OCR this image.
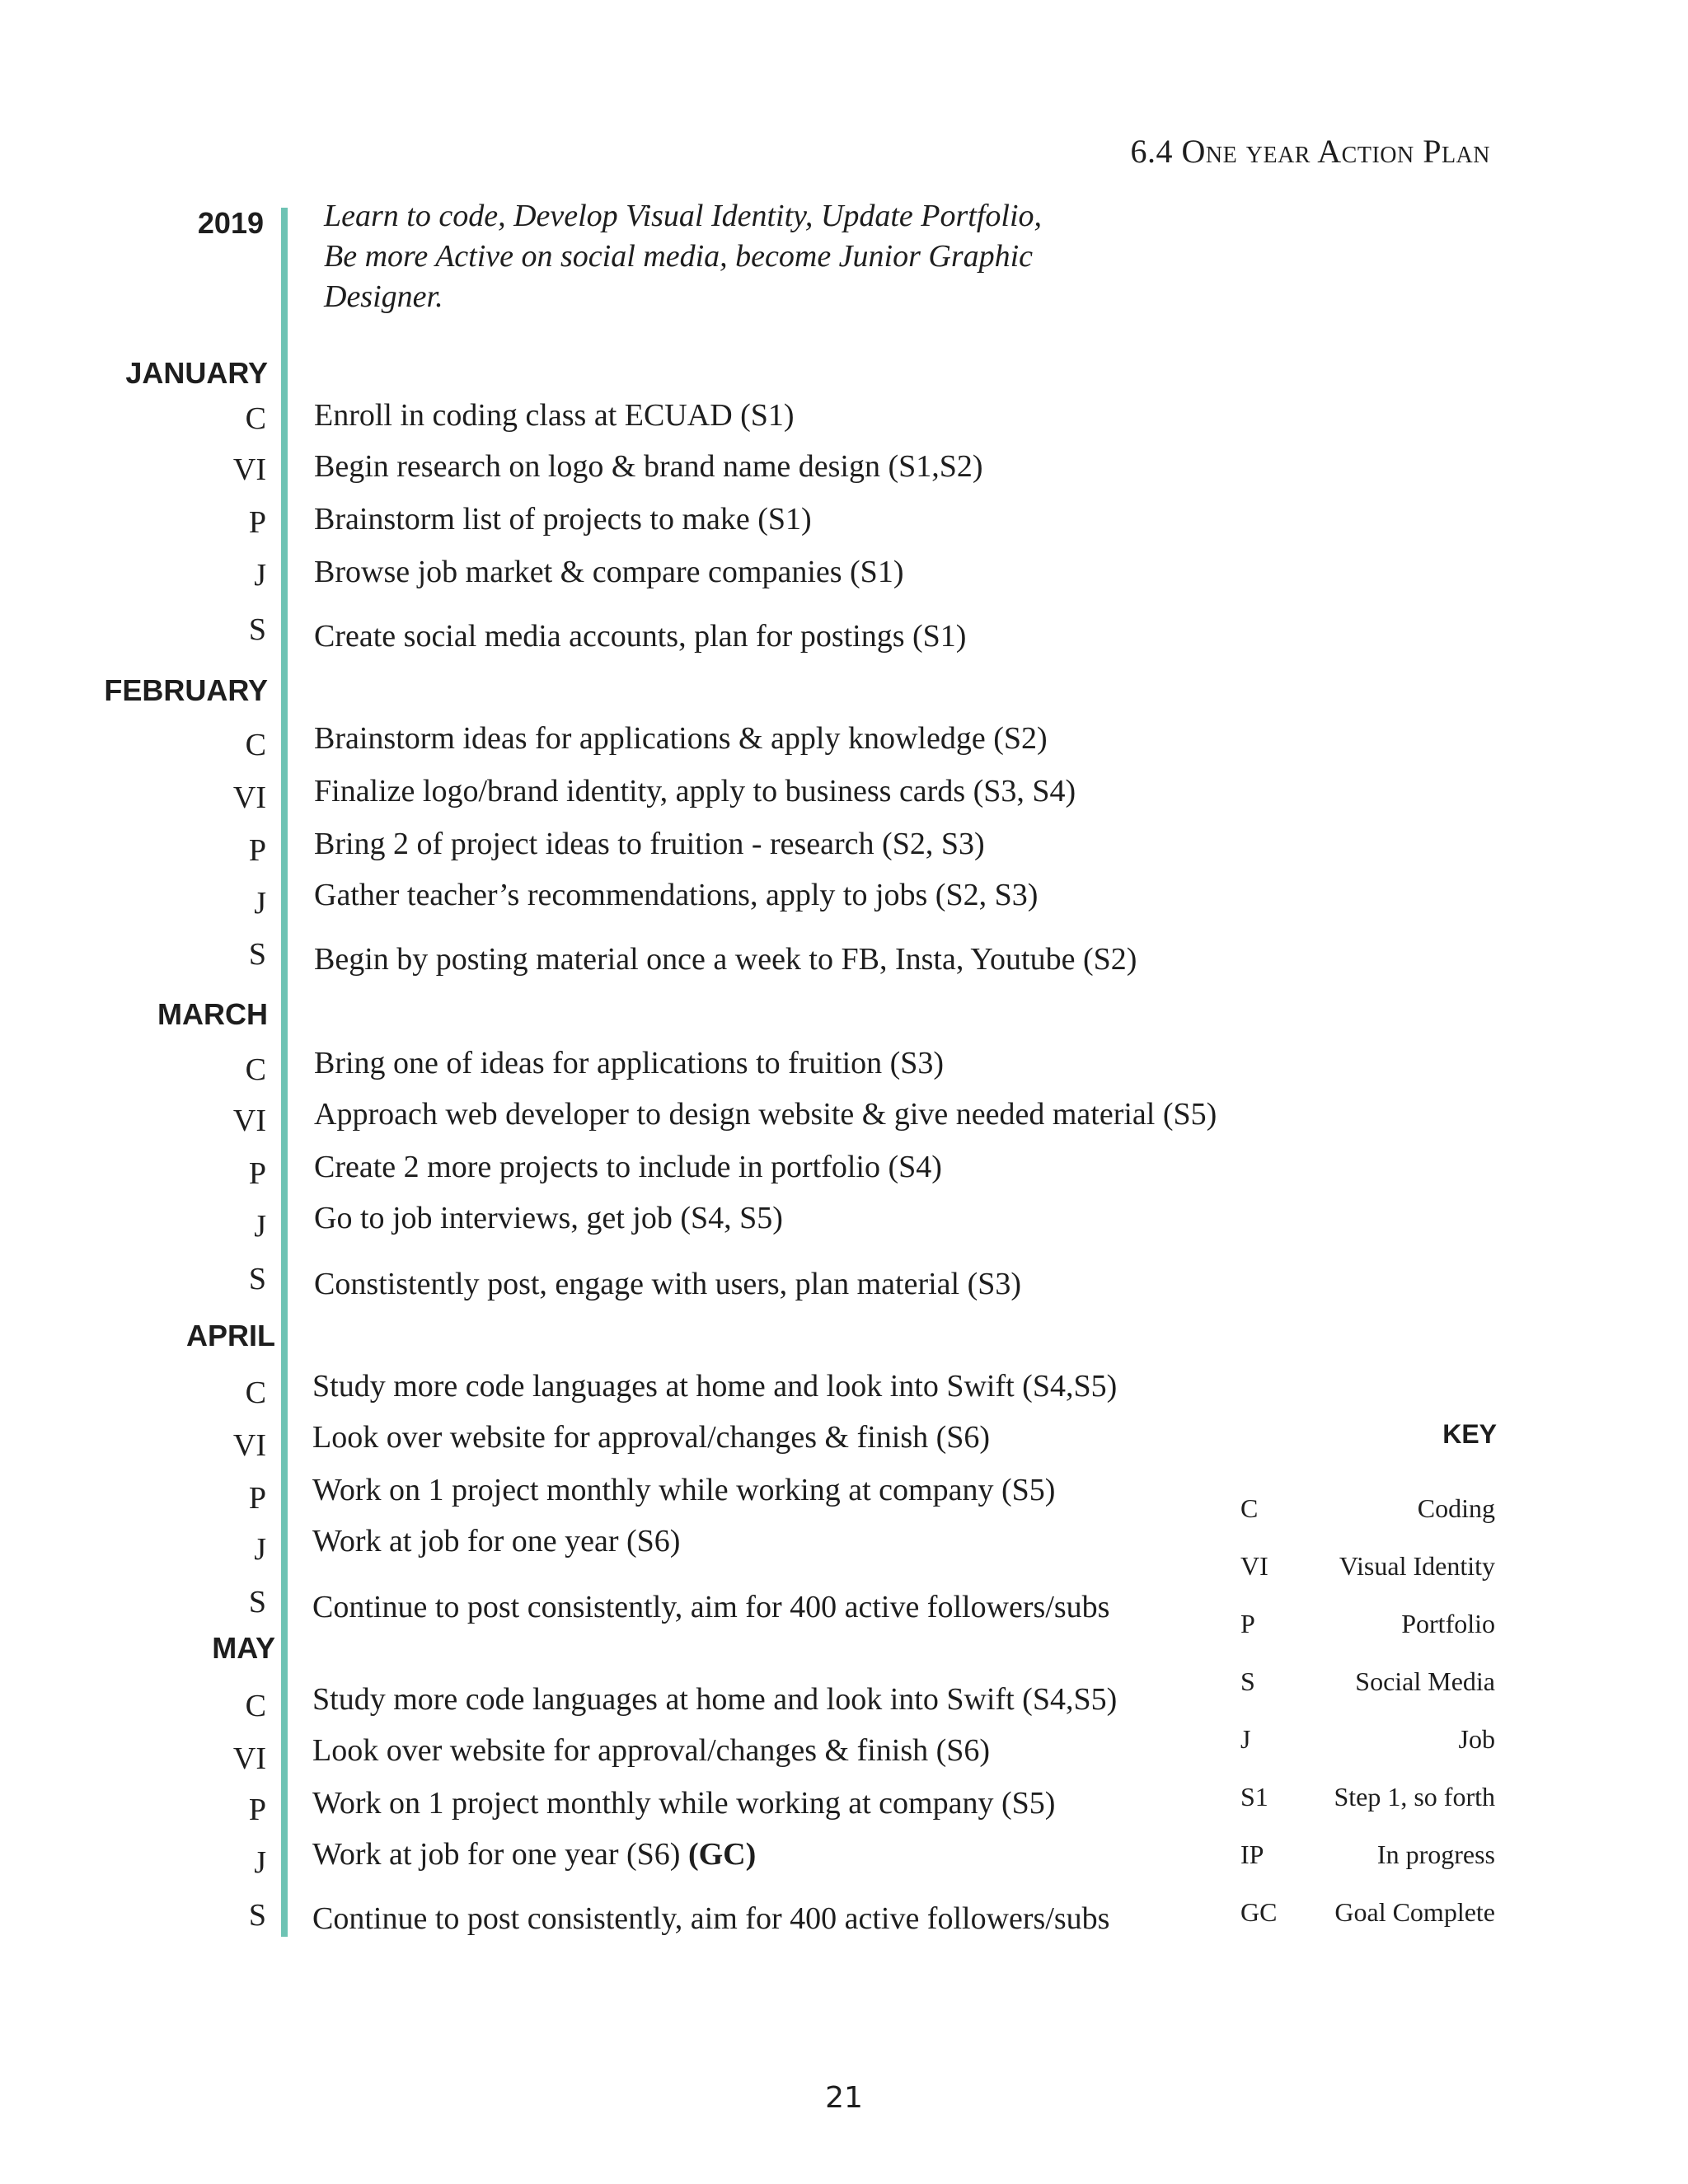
6.4 One year Action Plan
2019 Learn to code, Develop Visual Identity, Update Portfolio, Be more Active on social media, become Junior Graphic Designer.
JANUARY
C Enroll in coding class at ECUAD (S1)
VI Begin research on logo & brand name design (S1,S2)
P Brainstorm list of projects to make (S1)
J Browse job market & compare companies (S1)
S Create social media accounts, plan for postings (S1)
FEBRUARY
C Brainstorm ideas for applications & apply knowledge (S2)
VI Finalize logo/brand identity, apply to business cards (S3, S4)
P Bring 2 of project ideas to fruition - research (S2, S3)
J Gather teacher’s recommendations, apply to jobs (S2, S3)
S Begin by posting material once a week to FB, Insta, Youtube (S2)
MARCH
C Bring one of ideas for applications to fruition (S3)
VI Approach web developer to design website & give needed material (S5)
P Create 2 more projects to include in portfolio (S4)
J Go to job interviews, get job (S4, S5)
S Constistently post, engage with users, plan material (S3)
APRIL
C Study more code languages at home and look into Swift (S4,S5)
VI Look over website for approval/changes & finish (S6)
P Work on 1 project monthly while working at company (S5)
J Work at job for one year (S6)
S Continue to post consistently, aim for 400 active followers/subs
MAY
C Study more code languages at home and look into Swift (S4,S5)
VI Look over website for approval/changes & finish (S6)
P Work on 1 project monthly while working at company (S5)
J Work at job for one year (S6) (GC)
S Continue to post consistently, aim for 400 active followers/subs
KEY
C	Coding
VI	Visual Identity
P	Portfolio
S	Social Media
J	Job
S1 Step 1, so forth
IP	In progress
GC Goal Complete
21
